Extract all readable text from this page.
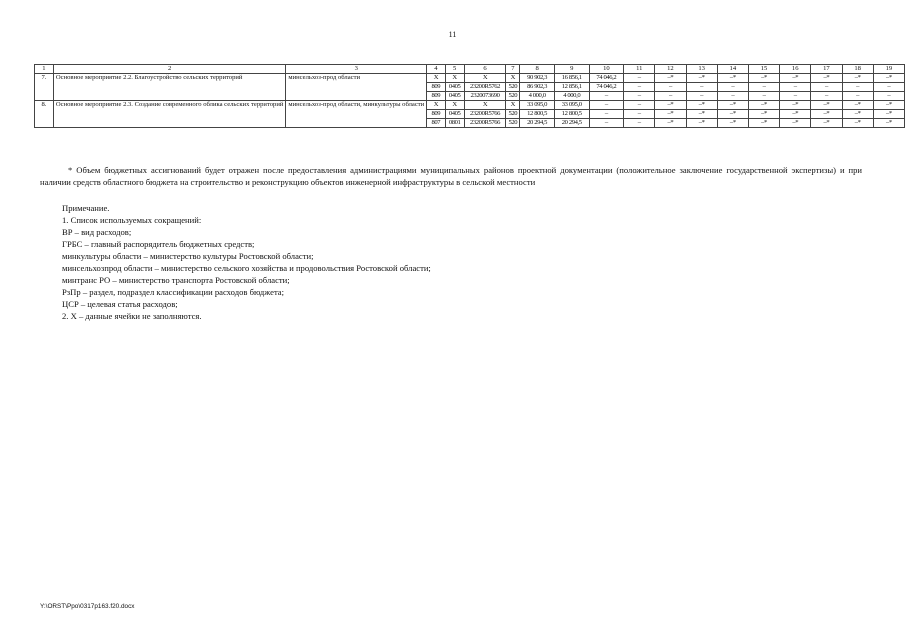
11
1	2	3	4	5	6	7	8	9	10	11	12	13	14	15	16	17	18	19
7.	Основное мероприятие 2.2. Благоустройство сельских территорий	минсельхоз-прод области	Х	Х	Х	Х	90 902,3	16 856,1	74 046,2	–	–*	–*	–*	–*	–*	–*	–*	–*
			809	0405	23200R5762	520	86 902,3	12 856,1	74 046,2	–	–	–	–	–	–	–	–	–
			809	0405	2320073690	520	4 000,0	4 000,0	–	–	–	–	–	–	–	–	–	–
8.	Основное мероприятие 2.3. Создание современного облика сельских территорий	минсельхоз-прод области, минкультуры области	Х	Х	Х	Х	33 095,0	33 095,0	–	–	–*	–*	–*	–*	–*	–*	–*	–*
			809	0405	23200R5766	520	12 800,5	12 800,5	–	–	–*	–*	–*	–*	–*	–*	–*	–*
			807	0801	23200R5766	520	20 294,5	20 294,5	–	–	–*	–*	–*	–*	–*	–*	–*	–*
* Объем бюджетных ассигнований будет отражен после предоставления администрациями муниципальных районов проектной документации (положительное заключение государственной экспертизы) и при наличии средств областного бюджета на строительство и реконструкцию объектов инженерной инфраструктуры в сельской местности
Примечание.
1. Список используемых сокращений:
ВР – вид расходов;
ГРБС – главный распорядитель бюджетных средств;
минкультуры области – министерство культуры Ростовской области;
минсельхозпрод области – министерство сельского хозяйства и продовольствия Ростовской области;
минтранс РО – министерство транспорта Ростовской области;
РзПр – раздел, подраздел классификации расходов бюджета;
ЦСР – целевая статья расходов;
2. Х – данные ячейки не заполняются.
Y:\ORST\Ppo\0317p163.f20.docx
